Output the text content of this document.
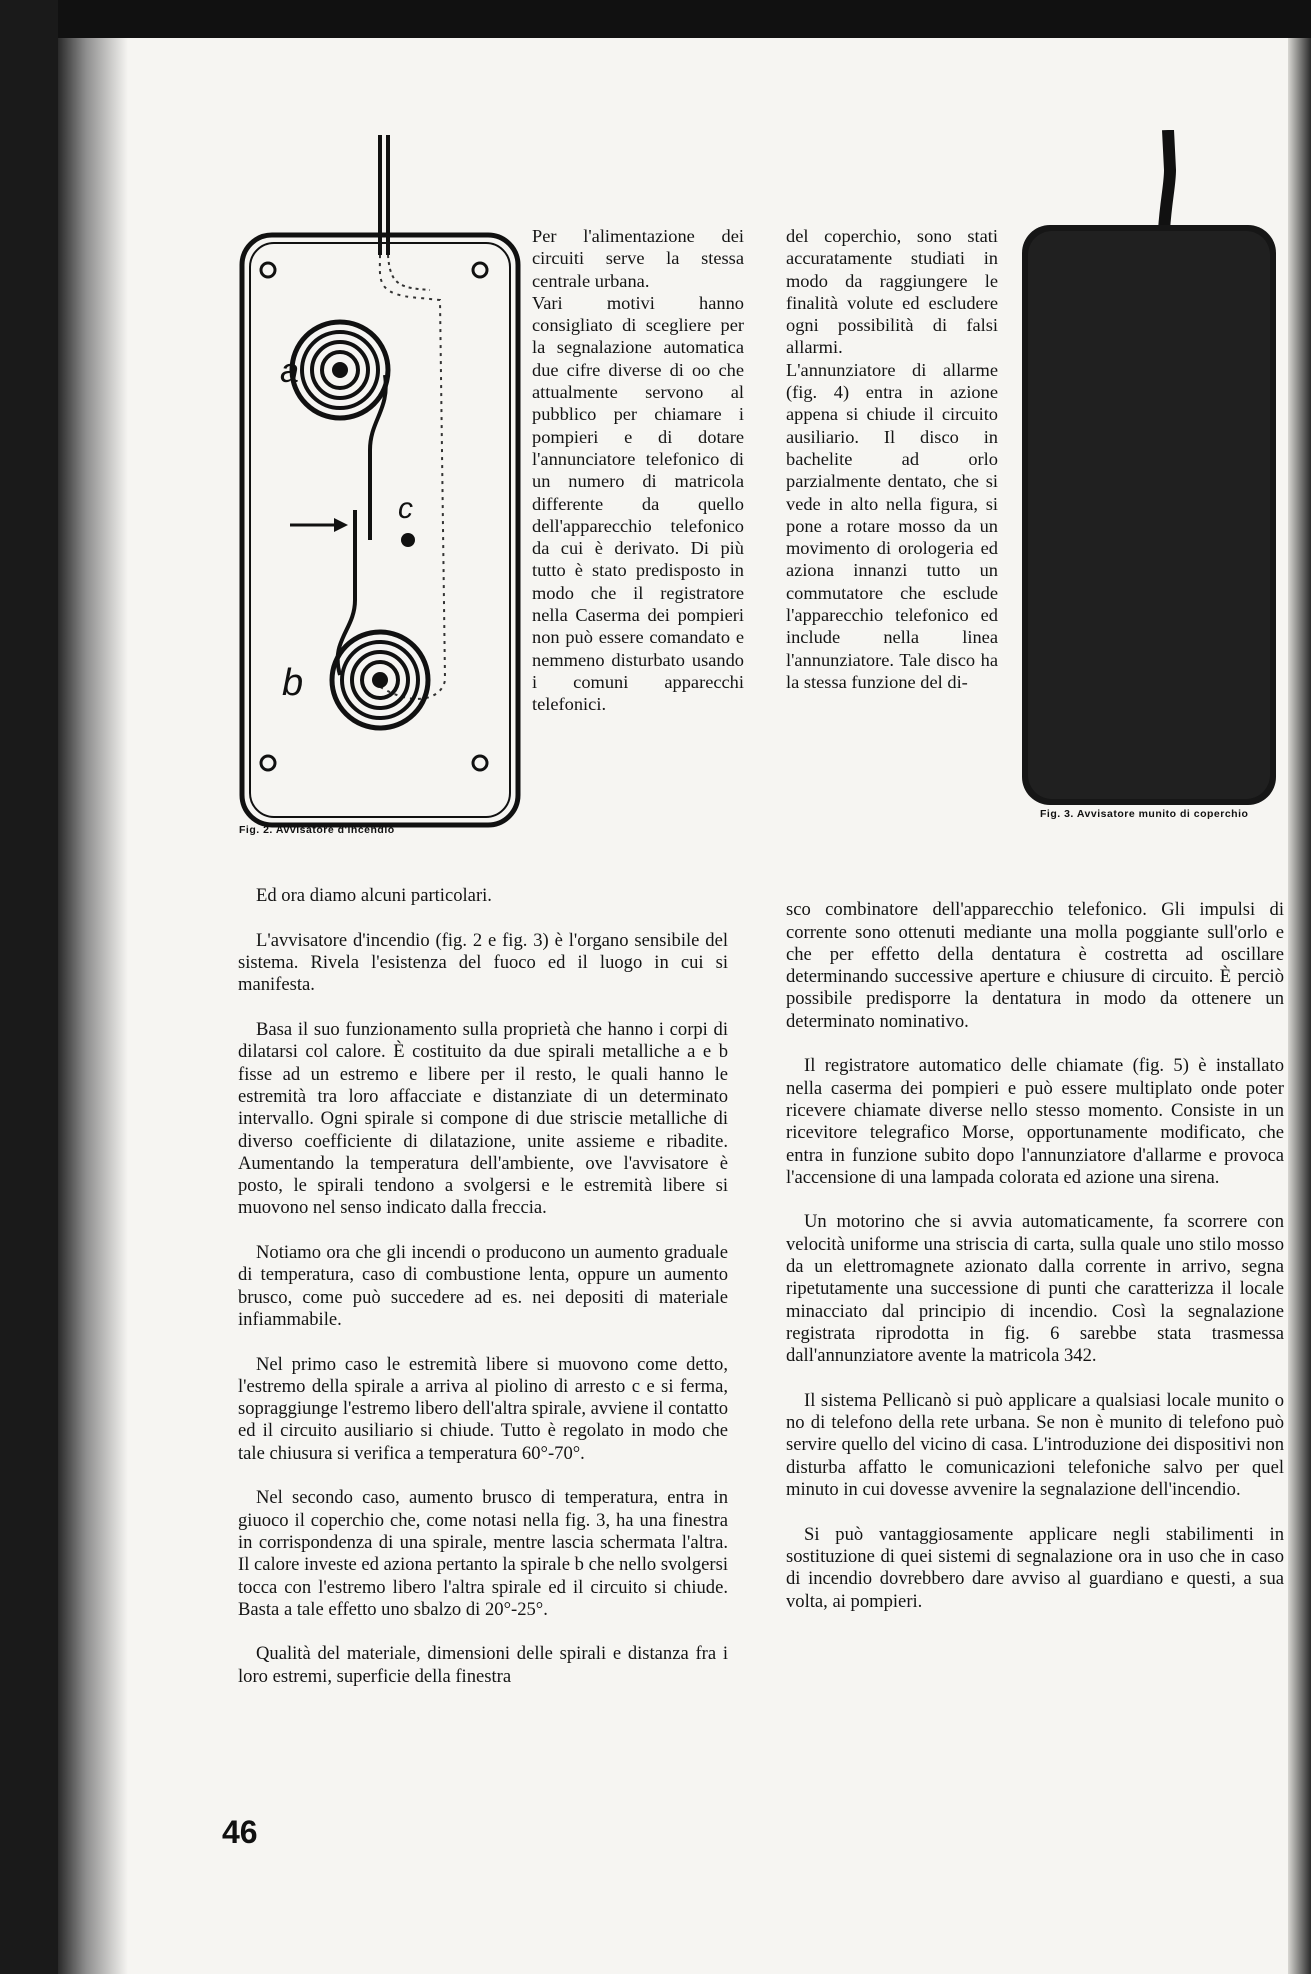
a
c
b
Fig. 2. Avvisatore d'incendio
Fig. 3. Avvisatore munito di coperchio
Per l'alimentazione dei circuiti serve la stessa centrale urbana.
Vari motivi hanno consigliato di scegliere per la segnalazione automatica due cifre diverse di oo che attualmente servono al pubblico per chiamare i pompieri e di dotare l'annunciatore telefonico di un numero di matricola differente da quello dell'apparecchio telefonico da cui è derivato. Di più tutto è stato predisposto in modo che il registratore nella Caserma dei pompieri non può essere comandato e nemmeno disturbato usando i comuni apparecchi telefonici.
del coperchio, sono stati accuratamente studiati in modo da raggiungere le finalità volute ed escludere ogni possibilità di falsi allarmi.
L'annunziatore di allarme (fig. 4) entra in azione appena si chiude il circuito ausiliario. Il disco in bachelite ad orlo parzialmente dentato, che si vede in alto nella figura, si pone a rotare mosso da un movimento di orologeria ed aziona innanzi tutto un commutatore che esclude l'apparecchio telefonico ed include nella linea l'annunziatore. Tale disco ha la stessa funzione del di-

Ed ora diamo alcuni particolari.

L'avvisatore d'incendio (fig. 2 e fig. 3) è l'organo sensibile del sistema. Rivela l'esistenza del fuoco ed il luogo in cui si manifesta.

Basa il suo funzionamento sulla proprietà che hanno i corpi di dilatarsi col calore. È costituito da due spirali metalliche a e b fisse ad un estremo e libere per il resto, le quali hanno le estremità tra loro affacciate e distanziate di un determinato intervallo. Ogni spirale si compone di due striscie metalliche di diverso coefficiente di dilatazione, unite assieme e ribadite. Aumentando la temperatura dell'ambiente, ove l'avvisatore è posto, le spirali tendono a svolgersi e le estremità libere si muovono nel senso indicato dalla freccia.

Notiamo ora che gli incendi o producono un aumento graduale di temperatura, caso di combustione lenta, oppure un aumento brusco, come può succedere ad es. nei depositi di materiale infiammabile.

Nel primo caso le estremità libere si muovono come detto, l'estremo della spirale a arriva al piolino di arresto c e si ferma, sopraggiunge l'estremo libero dell'altra spirale, avviene il contatto ed il circuito ausiliario si chiude. Tutto è regolato in modo che tale chiusura si verifica a temperatura 60°-70°.

Nel secondo caso, aumento brusco di temperatura, entra in giuoco il coperchio che, come notasi nella fig. 3, ha una finestra in corrispondenza di una spirale, mentre lascia schermata l'altra. Il calore investe ed aziona pertanto la spirale b che nello svolgersi tocca con l'estremo libero l'altra spirale ed il circuito si chiude. Basta a tale effetto uno sbalzo di 20°-25°.

Qualità del materiale, dimensioni delle spirali e distanza fra i loro estremi, superficie della finestra

sco combinatore dell'apparecchio telefonico. Gli impulsi di corrente sono ottenuti mediante una molla poggiante sull'orlo e che per effetto della dentatura è costretta ad oscillare determinando successive aperture e chiusure di circuito. È perciò possibile predisporre la dentatura in modo da ottenere un determinato nominativo.

Il registratore automatico delle chiamate (fig. 5) è installato nella caserma dei pompieri e può essere multiplato onde poter ricevere chiamate diverse nello stesso momento. Consiste in un ricevitore telegrafico Morse, opportunamente modificato, che entra in funzione subito dopo l'annunziatore d'allarme e provoca l'accensione di una lampada colorata ed azione una sirena.

Un motorino che si avvia automaticamente, fa scorrere con velocità uniforme una striscia di carta, sulla quale uno stilo mosso da un elettromagnete azionato dalla corrente in arrivo, segna ripetutamente una successione di punti che caratterizza il locale minacciato dal principio di incendio. Così la segnalazione registrata riprodotta in fig. 6 sarebbe stata trasmessa dall'annunziatore avente la matricola 342.

Il sistema Pellicanò si può applicare a qualsiasi locale munito o no di telefono della rete urbana. Se non è munito di telefono può servire quello del vicino di casa. L'introduzione dei dispositivi non disturba affatto le comunicazioni telefoniche salvo per quel minuto in cui dovesse avvenire la segnalazione dell'incendio.

Si può vantaggiosamente applicare negli stabilimenti in sostituzione di quei sistemi di segnalazione ora in uso che in caso di incendio dovrebbero dare avviso al guardiano e questi, a sua volta, ai pompieri.

46
